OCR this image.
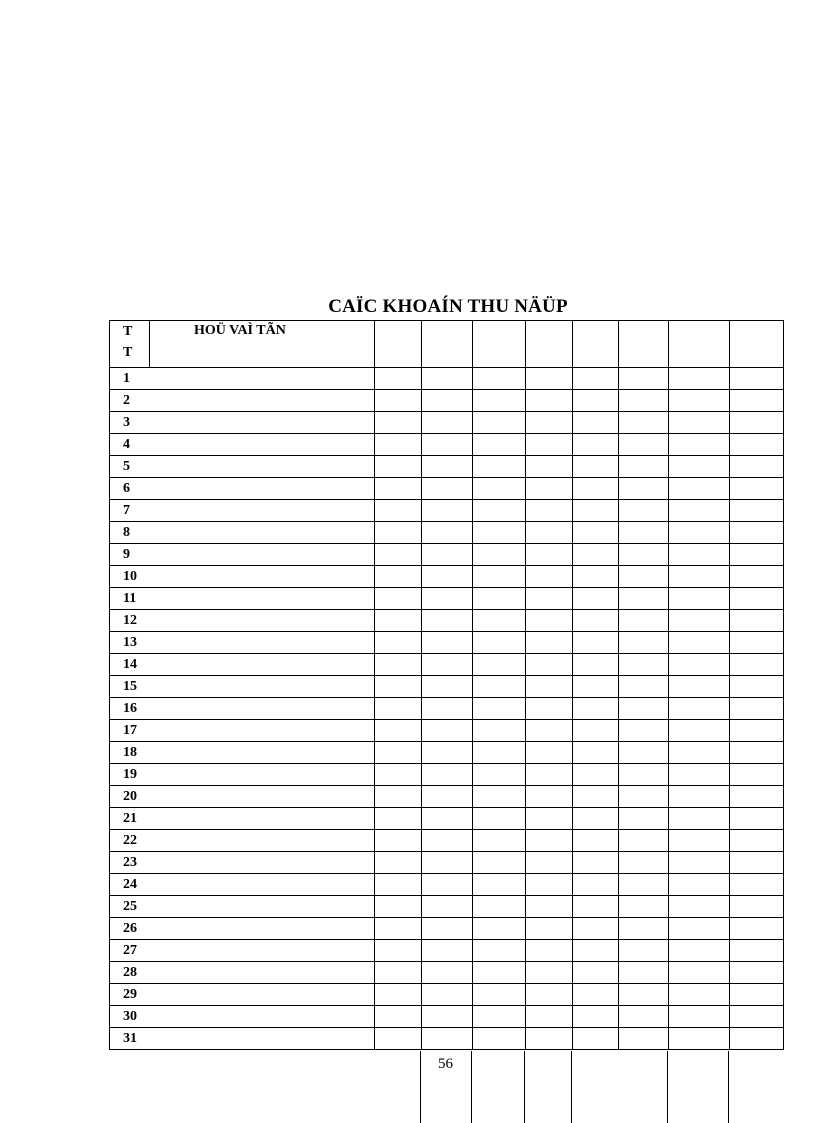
CAÏC KHOAÍN THU NÄÜP
T
T	HOÜ VAÌ TÃN								
1									
2									
3									
4									
5									
6									
7									
8									
9									
10									
11									
12									
13									
14									
15									
16									
17									
18									
19									
20									
21									
22									
23									
24									
25									
26									
27									
28									
29									
30									
31									
56
